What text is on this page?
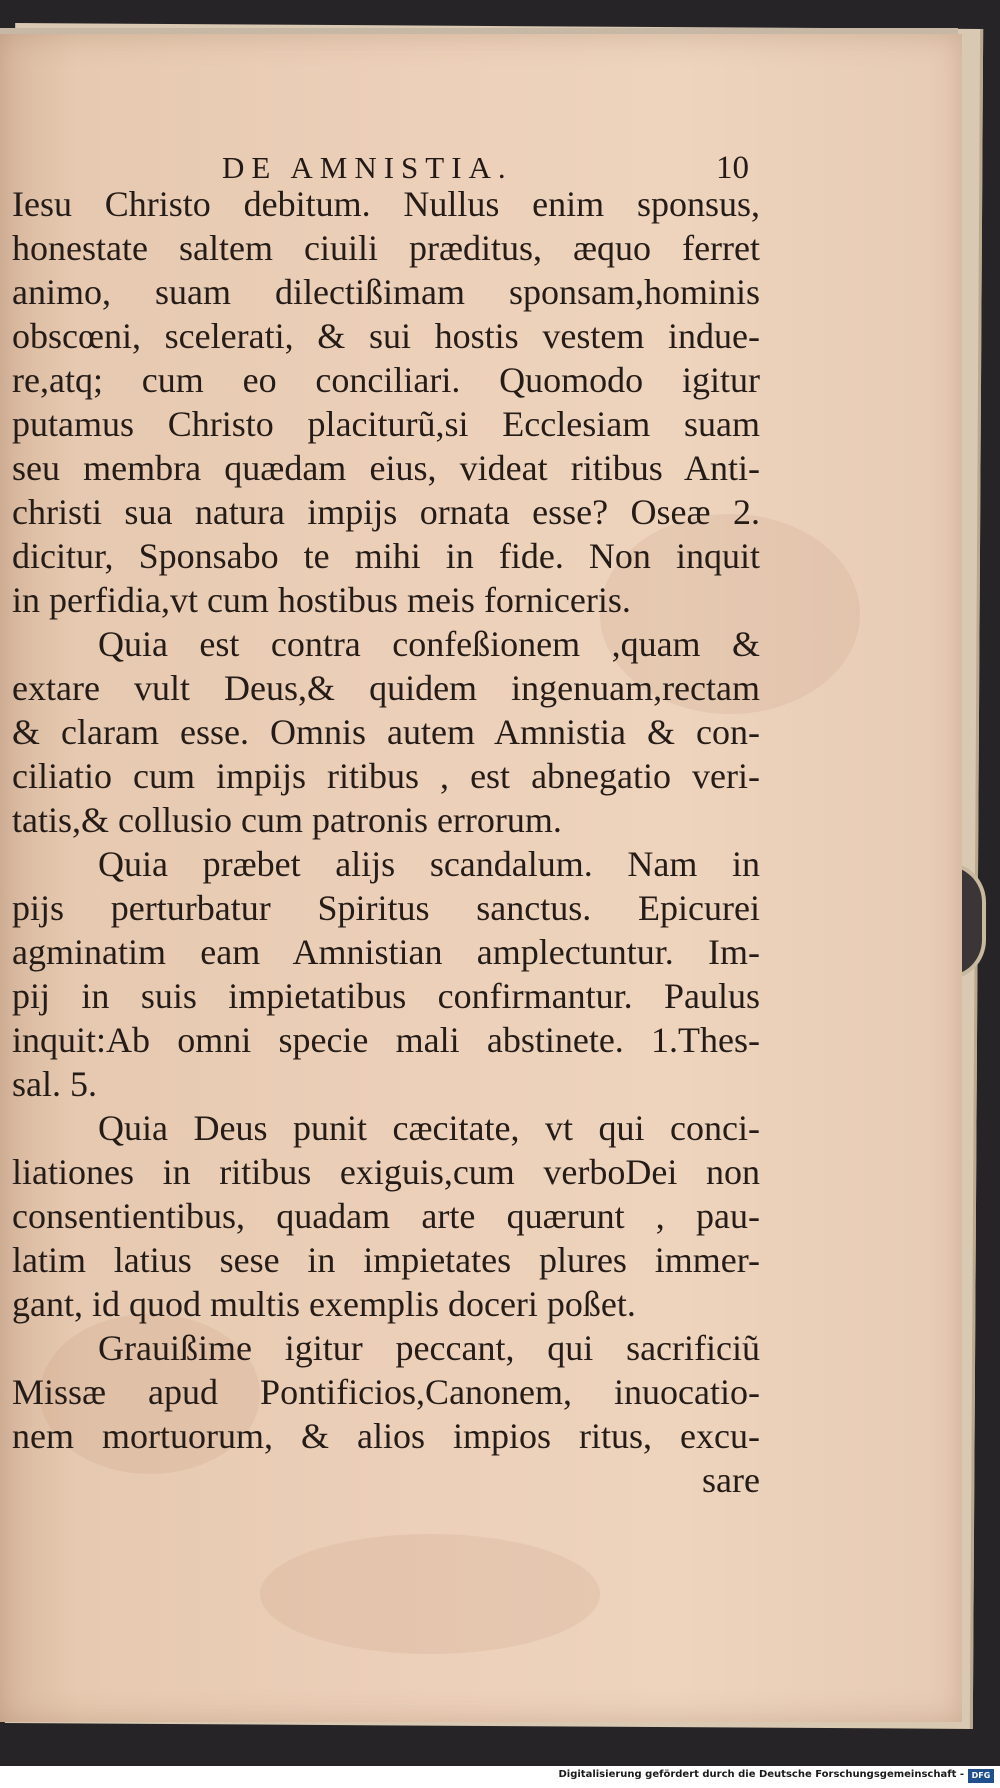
DE AMNISTIA.	10
Iesu Christo debitum. Nullus enim sponsus,
honestate saltem ciuili præditus, æquo ferret
animo, suam dilectißimam sponsam,hominis
obscœni, scelerati, & sui hostis vestem indue-
re,atq; cum eo conciliari. Quomodo igitur
putamus Christo placiturũ,si Ecclesiam suam
seu membra quædam eius, videat ritibus Anti-
christi sua natura impijs ornata esse? Oseæ 2.
dicitur, Sponsabo te mihi in fide. Non inquit
in perfidia,vt cum hostibus meis forniceris.
Quia est contra confeßionem ,quam &
extare vult Deus,& quidem ingenuam,rectam
& claram esse. Omnis autem Amnistia & con-
ciliatio cum impijs ritibus , est abnegatio veri-
tatis,& collusio cum patronis errorum.
Quia præbet alijs scandalum. Nam in
pijs perturbatur Spiritus sanctus. Epicurei
agminatim eam Amnistian amplectuntur. Im-
pij in suis impietatibus confirmantur. Paulus
inquit:Ab omni specie mali abstinete. 1.Thes-
sal. 5.
Quia Deus punit cæcitate, vt qui conci-
liationes in ritibus exiguis,cum verboDei non
consentientibus, quadam arte quærunt , pau-
latim latius sese in impietates plures immer-
gant, id quod multis exemplis doceri poßet.
Grauißime igitur peccant, qui sacrificiũ
Missæ apud Pontificios,Canonem, inuocatio-
nem mortuorum, & alios impios ritus, excu-
sare
Digitalisierung gefördert durch die Deutsche Forschungsgemeinschaft - DFG
